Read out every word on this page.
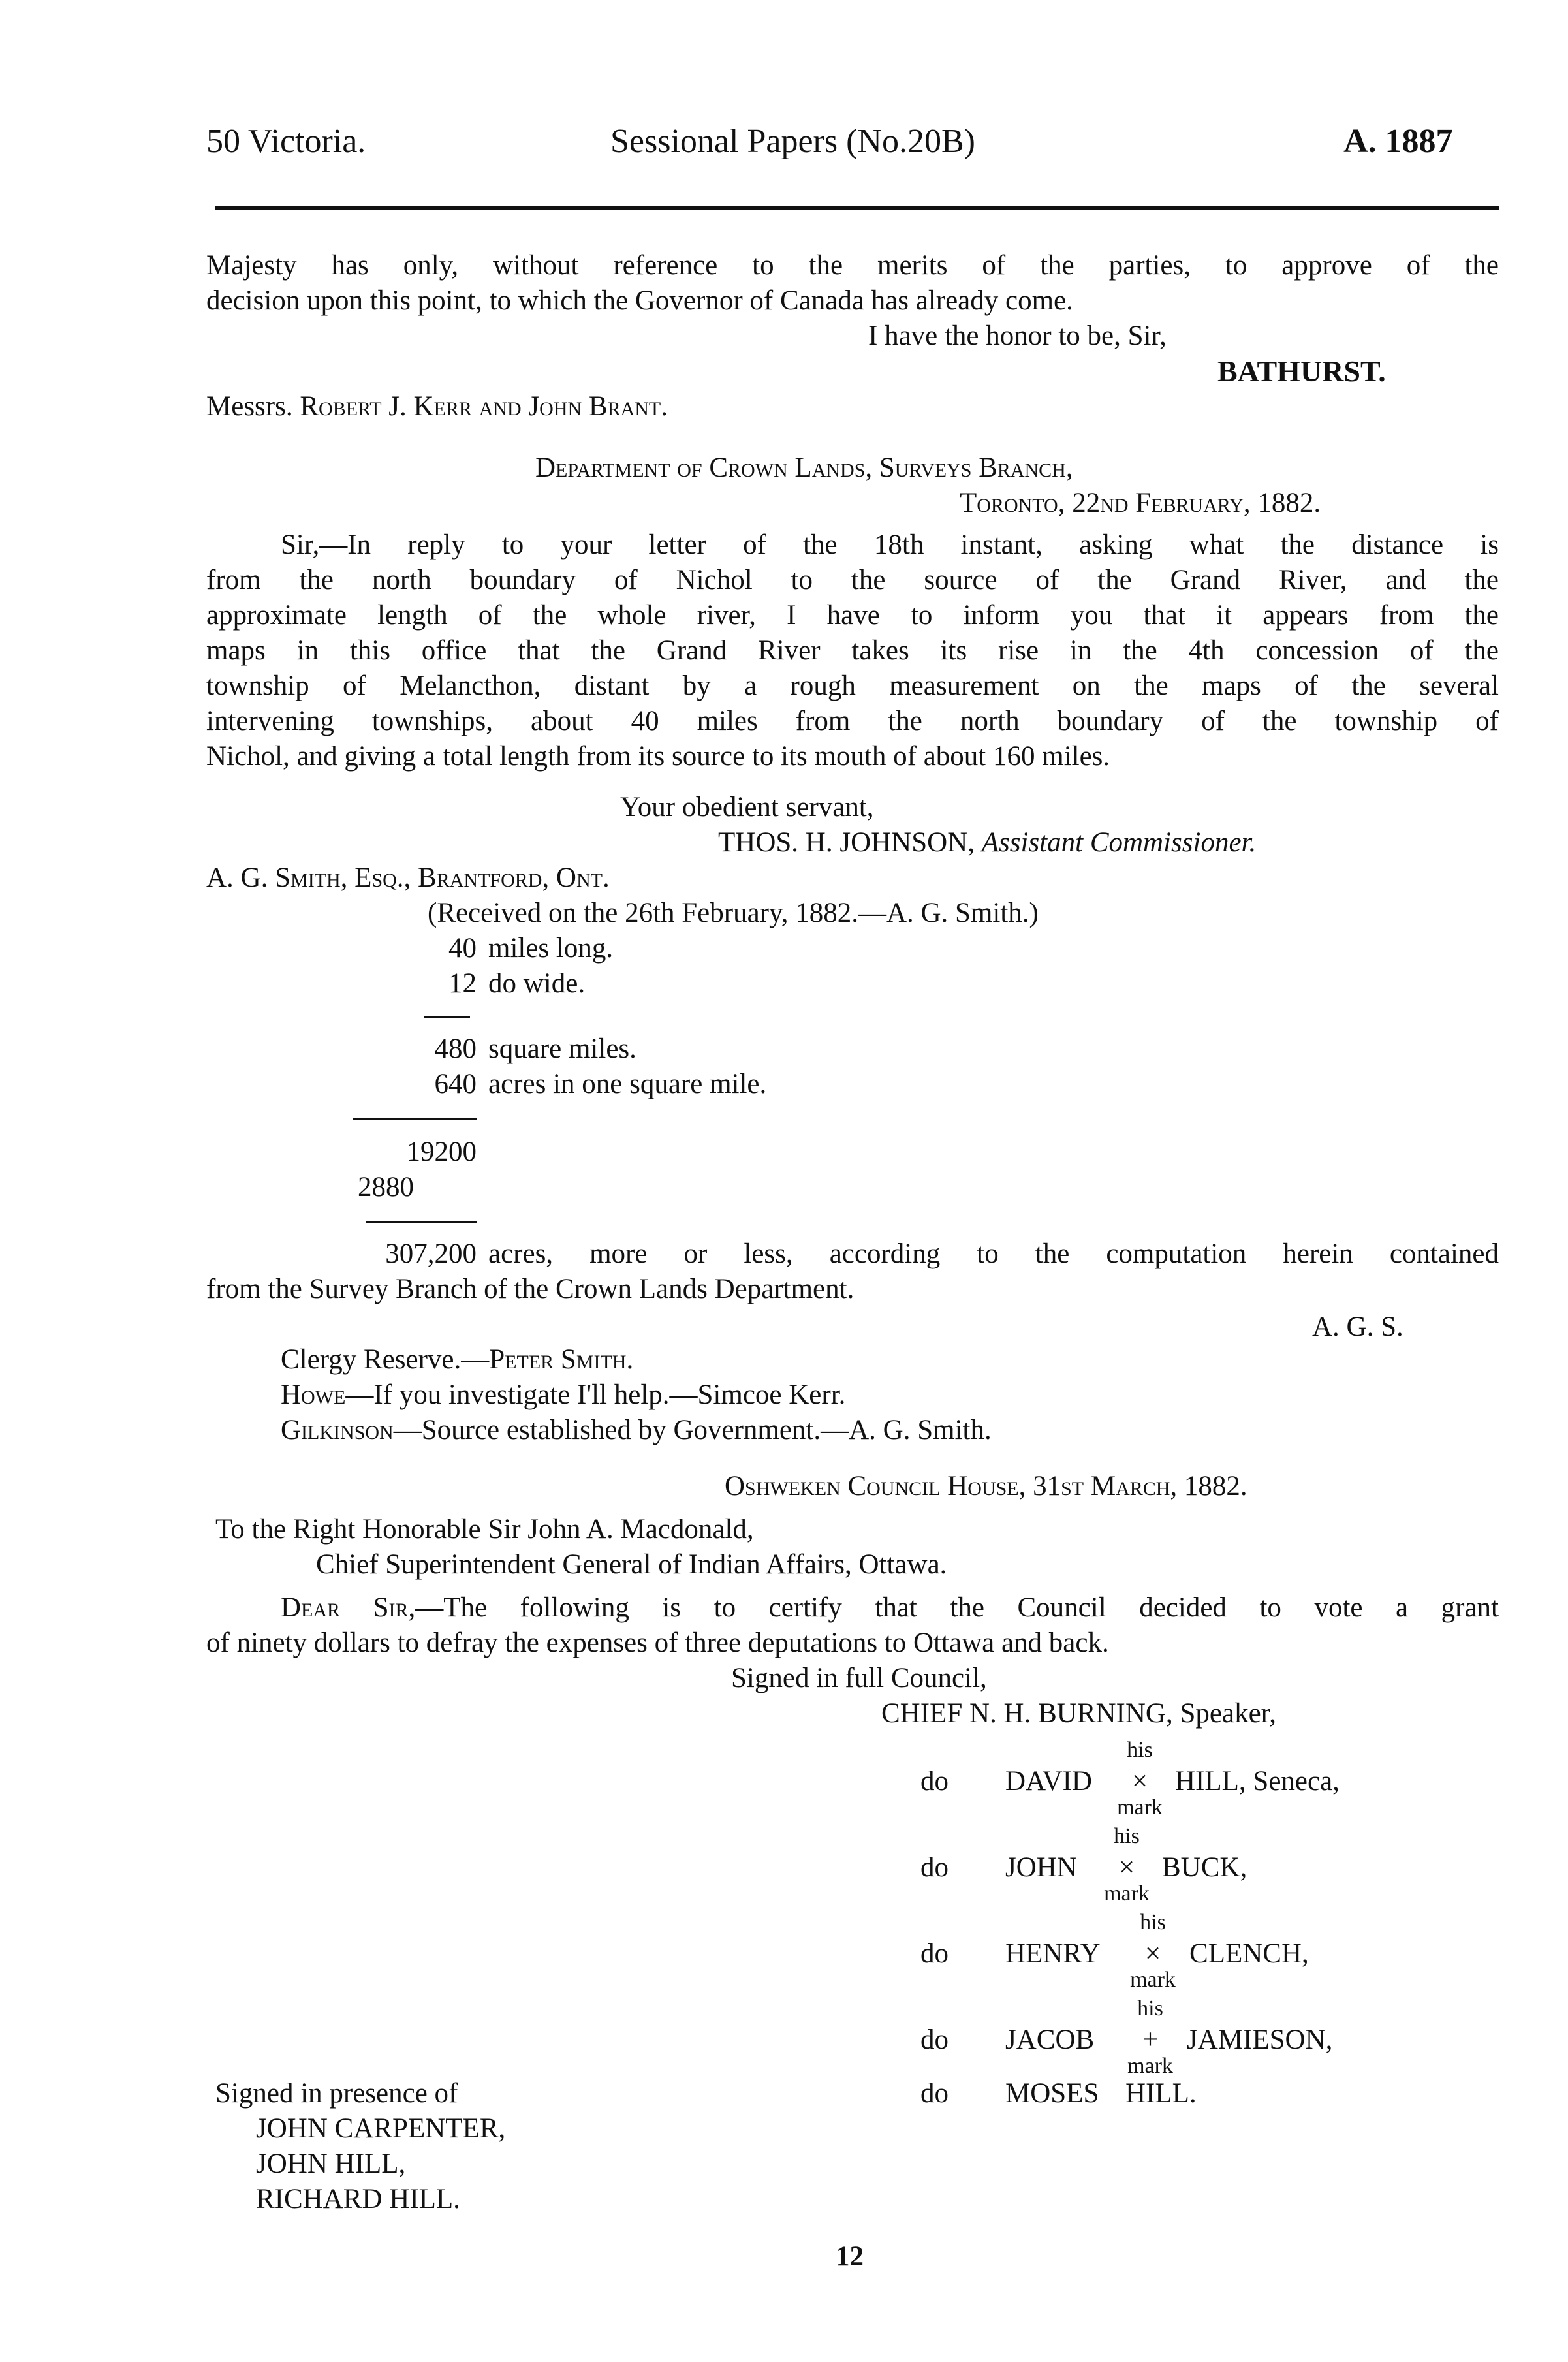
50 Victoria.	Sessional Papers (No.20B)	A. 1887
Majesty has only, without reference to the merits of the parties, to approve of the
decision upon this point, to which the Governor of Canada has already come.
I have the honor to be, Sir,
BATHURST.
Messrs. Robert J. Kerr and John Brant.
Department of Crown Lands, Surveys Branch,
Toronto, 22nd February, 1882.
Sir,—In reply to your letter of the 18th instant, asking what the distance is
from the north boundary of Nichol to the source of the Grand River, and the
approximate length of the whole river, I have to inform you that it appears from the
maps in this office that the Grand River takes its rise in the 4th concession of the
township of Melancthon, distant by a rough measurement on the maps of the several
intervening townships, about 40 miles from the north boundary of the township of
Nichol, and giving a total length from its source to its mouth of about 160 miles.
Your obedient servant,
THOS. H. JOHNSON, Assistant Commissioner.
A. G. Smith, Esq., Brantford, Ont.
(Received on the 26th February, 1882.—A. G. Smith.)
40 miles long.
12 do wide.
480 square miles.
640 acres in one square mile.
19200
2880
307,200 acres, more or less, according to the computation herein contained
from the Survey Branch of the Crown Lands Department.
A. G. S.
Clergy Reserve.—Peter Smith.
Howe—If you investigate I'll help.—Simcoe Kerr.
Gilkinson—Source established by Government.—A. G. Smith.
Oshweken Council House, 31st March, 1882.
To the Right Honorable Sir John A. Macdonald,
Chief Superintendent General of Indian Affairs, Ottawa.
Dear Sir,—The following is to certify that the Council decided to vote a grant
of ninety dollars to defray the expenses of three deputations to Ottawa and back.
Signed in full Council,
CHIEF N. H. BURNING, Speaker,
do DAVID
his
×
mark
HILL, Seneca,
do JOHN
his
×
mark
BUCK,
do HENRY
his
×
mark
CLENCH,
do JACOB
his
+
mark
JAMIESON,
do MOSES HILL.
Signed in presence of
JOHN CARPENTER,
JOHN HILL,
RICHARD HILL.
12
